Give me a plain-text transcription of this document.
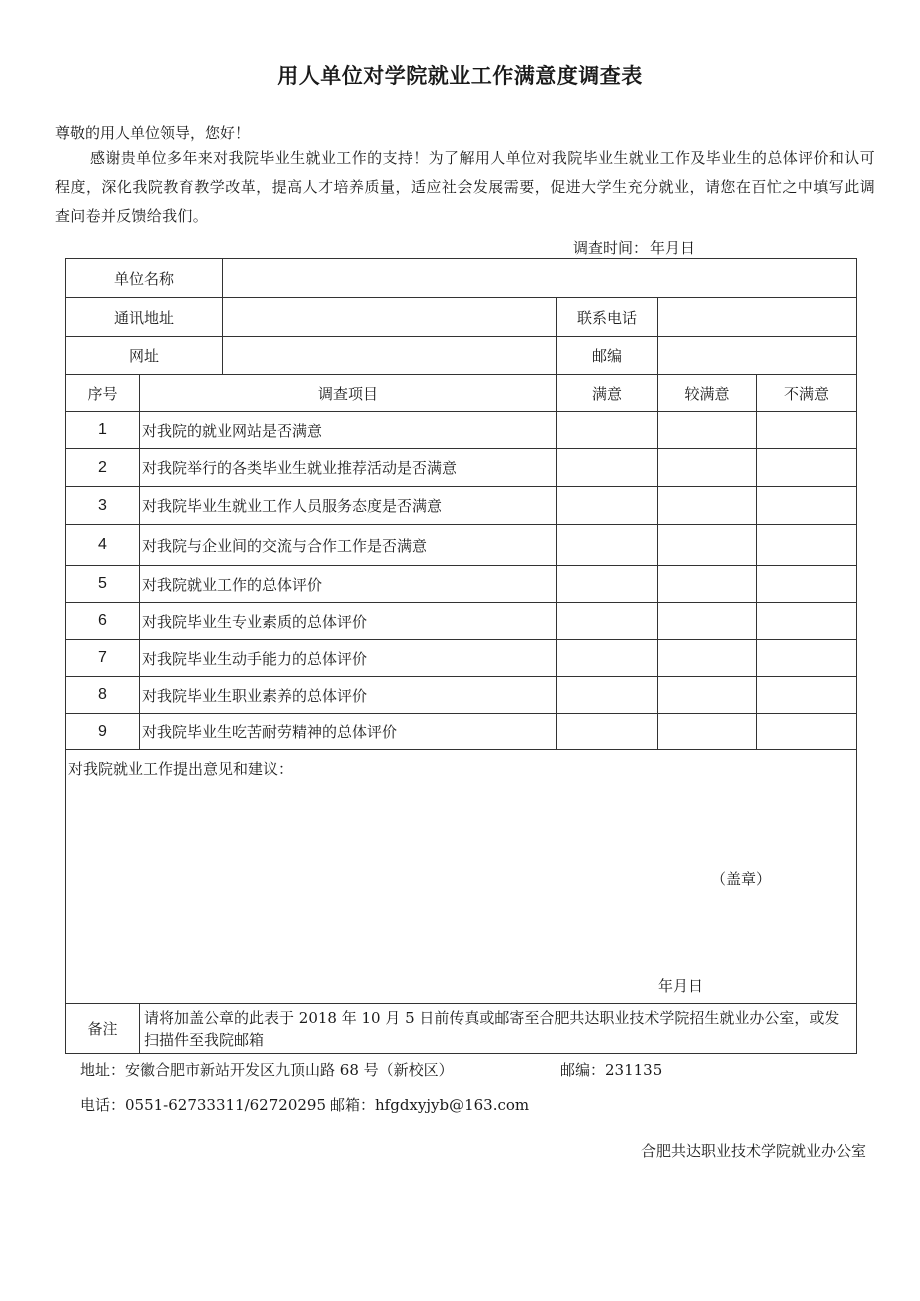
用人单位对学院就业工作满意度调查表
尊敬的用人单位领导，您好！
感谢贵单位多年来对我院毕业生就业工作的支持！为了解用人单位对我院毕业生就业工作及毕业生的总体评价和认可程度，深化我院教育教学改革，提高人才培养质量，适应社会发展需要，促进大学生充分就业，请您在百忙之中填写此调查问卷并反馈给我们。
调查时间： 年月日
单位名称					
通讯地址			联系电话		
网址			邮编		
序号	调查项目		满意	较满意	不满意
1	对我院的就业网站是否满意				
2	对我院举行的各类毕业生就业推荐活动是否满意				
3	对我院毕业生就业工作人员服务态度是否满意				
4	对我院与企业间的交流与合作工作是否满意				
5	对我院就业工作的总体评价				
6	对我院毕业生专业素质的总体评价				
7	对我院毕业生动手能力的总体评价				
8	对我院毕业生职业素养的总体评价				
9	对我院毕业生吃苦耐劳精神的总体评价				

对我院就业工作提出意见和建议：
（盖章）
年月日					

备注	请将加盖公章的此表于 2018 年 10 月 5 日前传真或邮寄至合肥共达职业技术学院招生就业办公室，或发扫描件至我院邮箱				
地址：安徽合肥市新站开发区九顶山路 68 号（新校区）	邮编：231135
电话：0551-62733311/62720295 邮箱：hfgdxyjyb@163.com
合肥共达职业技术学院就业办公室
